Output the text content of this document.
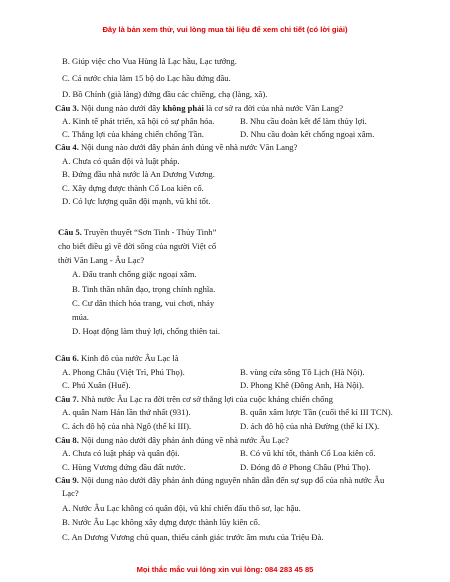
Đây là bản xem thử, vui lòng mua tài liệu để xem chi tiết (có lời giải)
B. Giúp việc cho Vua Hùng là Lạc hầu, Lạc tướng.
C. Cả nước chia làm 15 bộ do Lạc hầu đứng đầu.
D. Bồ Chính (già làng) đứng đầu các chiềng, chạ (làng, xã).
Câu 3. Nội dung nào dưới đây không phải là cơ sở ra đời của nhà nước Văn Lang?
A. Kinh tế phát triển, xã hội có sự phân hóa.	B. Nhu cầu đoàn kết để làm thủy lợi.
C. Thắng lợi của kháng chiến chống Tần.	D. Nhu cầu đoàn kết chống ngoại xâm.
Câu 4. Nội dung nào dưới đây phản ánh đúng về nhà nước Văn Lang?
A. Chưa có quân đội và luật pháp.
B. Đứng đầu nhà nước là An Dương Vương.
C. Xây dựng được thành Cổ Loa kiên cố.
D. Có lực lượng quân đội mạnh, vũ khí tốt.
Câu 5. Truyền thuyết “Sơn Tinh - Thủy Tinh”
cho biết điều gì về đời sống của người Việt cổ
thời Văn Lang - Âu Lạc?
A. Đấu tranh chống giặc ngoại xâm.
B. Tinh thần nhân đạo, trọng chính nghĩa.
C. Cư dân thích hóa trang, vui chơi, nhảy
múa.
D. Hoạt động làm thuỷ lợi, chống thiên tai.
Câu 6. Kinh đô của nước Âu Lạc là
A. Phong Châu (Việt Trì, Phú Thọ).	B. vùng cửa sông Tô Lịch (Hà Nội).
C. Phú Xuân (Huế).	D. Phong Khê (Đông Anh, Hà Nội).
Câu 7. Nhà nước Âu Lạc ra đời trên cơ sở thắng lợi của cuộc kháng chiến chống
A. quân Nam Hán lần thứ nhất (931).	B. quân xâm lược Tần (cuối thế kỉ III TCN).
C. ách đô hộ của nhà Ngô (thế kỉ III).	D. ách đô hộ của nhà Đường (thế kỉ IX).
Câu 8. Nội dung nào dưới đây phản ánh đúng về nhà nước Âu Lạc?
A. Chưa có luật pháp và quân đội.	B. Có vũ khí tốt, thành Cổ Loa kiên cố.
C. Hùng Vương đứng đầu đất nước.	D. Đóng đô ở Phong Châu (Phú Thọ).
Câu 9. Nội dung nào dưới đây phản ánh đúng nguyên nhân dẫn đến sự sụp đổ của nhà nước Âu
Lạc?
A. Nước Âu Lạc không có quân đội, vũ khí chiến đấu thô sơ, lạc hậu.
B. Nước Âu Lạc không xây dựng được thành lũy kiên cố.
C. An Dương Vương chủ quan, thiếu cảnh giác trước âm mưu của Triệu Đà.
Mọi thắc mắc vui lòng xin vui lòng: 084 283 45 85
